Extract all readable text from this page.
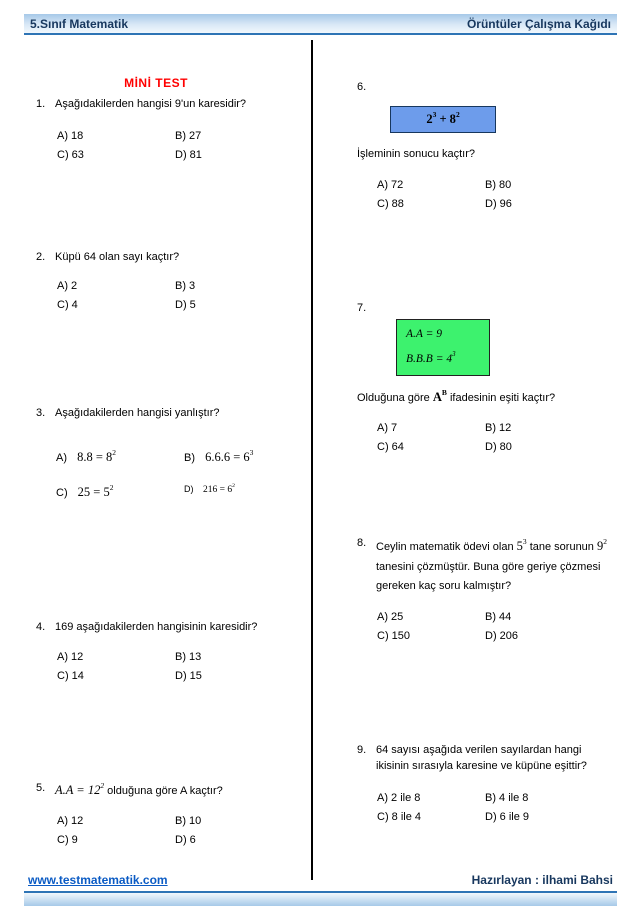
5.Sınıf Matematik	Örüntüler Çalışma Kağıdı
MİNİ TEST
1. Aşağıdakilerden hangisi 9'un karesidir?
A) 18	B) 27
C) 63	D) 81
2. Küpü 64 olan sayı kaçtır?
A) 2	B) 3
C) 4	D) 5
3. Aşağıdakilerden hangisi yanlıştır?
A) $8.8 = 8^2$	B) $6.6.6 = 6^3$
C) $25 = 5^2$	D) $216 = 6^2$
4. 169 aşağıdakilerden hangisinin karesidir?
A) 12	B) 13
C) 14	D) 15
5. $A.A = 12^2$ olduğuna göre A kaçtır?
A) 12	B) 10
C) 9	D) 6
6.
$2^3 + 8^2$
İşleminin sonucu kaçtır?
A) 72	B) 80
C) 88	D) 96
7.
A.A = 9
$B.B.B = 4^3$
Olduğuna göre $A^B$ ifadesinin eşiti kaçtır?
A) 7	B) 12
C) 64	D) 80
8. Ceylin matematik ödevi olan $5^3$ tane sorunun $9^2$ tanesini çözmüştür. Buna göre geriye çözmesi gereken kaç soru kalmıştır?
A) 25	B) 44
C) 150	D) 206
9. 64 sayısı aşağıda verilen sayılardan hangi ikisinin sırasıyla karesine ve küpüne eşittir?
A) 2 ile 8	B) 4 ile 8
C) 8 ile 4	D) 6 ile 9
www.testmatematik.com	Hazırlayan : ilhami Bahsi
